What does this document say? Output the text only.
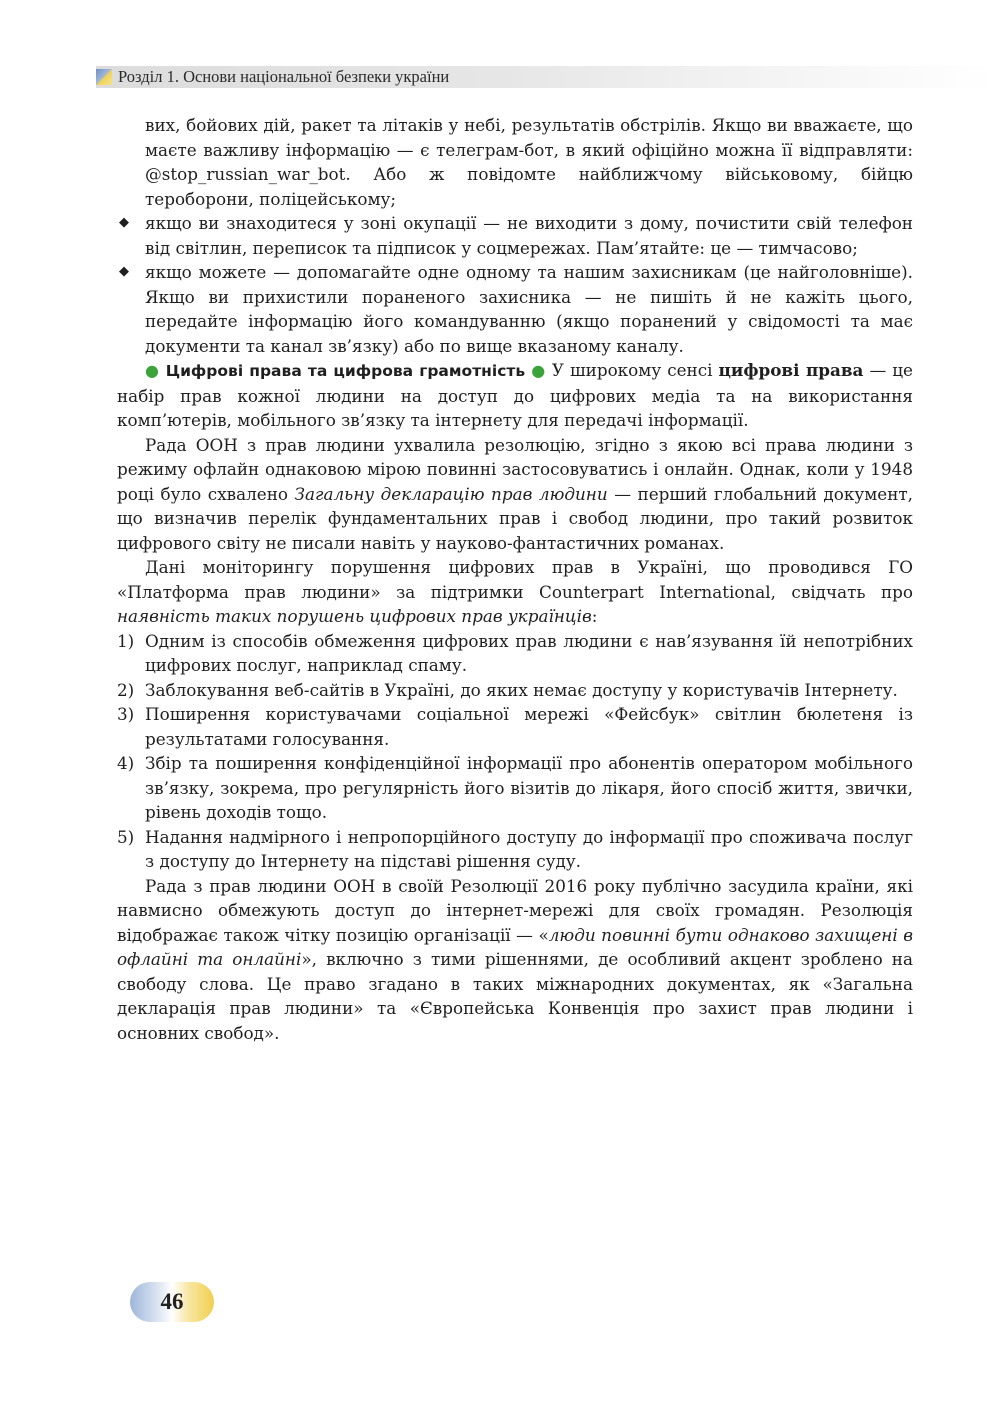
Розділ 1. Основи національної безпеки україни

вих, бойових дій, ракет та літаків у небі, результатів обстрілів. Якщо ви вважаєте, що маєте важливу інформацію — є телеграм-бот, в який офіційно можна її відправляти: @stop_russian_war_bot. Або ж повідомте найближчому військовому, бійцю тероборони, поліцейському;

◆ якщо ви знаходитеся у зоні окупації — не виходити з дому, почистити свій телефон від світлин, переписок та підписок у соцмережах. Пам’ятайте: це — тимчасово;

◆ якщо можете — допомагайте одне одному та нашим захисникам (це найголовніше). Якщо ви прихистили пораненого захисника — не пишіть й не кажіть цього, передайте інформацію його командуванню (якщо поранений у свідомості та має документи та канал зв’язку) або по вище вказаному каналу.

● Цифрові права та цифрова грамотність ● У широкому сенсі цифрові права — це набір прав кожної людини на доступ до цифрових медіа та на використання комп’ютерів, мобільного зв’язку та інтернету для передачі інформації.

Рада ООН з прав людини ухвалила резолюцію, згідно з якою всі права людини з режиму офлайн однаковою мірою повинні застосовуватись і онлайн. Однак, коли у 1948 році було схвалено Загальну декларацію прав людини — перший глобальний документ, що визначив перелік фундаментальних прав і свобод людини, про такий розвиток цифрового світу не писали навіть у науково-фантастичних романах.

Дані моніторингу порушення цифрових прав в Україні, що проводився ГО «Платформа прав людини» за підтримки Counterpart International, свідчать про наявність таких порушень цифрових прав українців:

1) Одним із способів обмеження цифрових прав людини є нав’язування їй непотрібних цифрових послуг, наприклад спаму.

2) Заблокування веб-сайтів в Україні, до яких немає доступу у користувачів Інтернету.

3) Поширення користувачами соціальної мережі «Фейсбук» світлин бюлетеня із результатами голосування.

4) Збір та поширення конфіденційної інформації про абонентів оператором мобільного зв’язку, зокрема, про регулярність його візитів до лікаря, його спосіб життя, звички, рівень доходів тощо.

5) Надання надмірного і непропорційного доступу до інформації про споживача послуг з доступу до Інтернету на підставі рішення суду.

Рада з прав людини ООН в своїй Резолюції 2016 року публічно засудила країни, які навмисно обмежують доступ до інтернет-мережі для своїх громадян. Резолюція відображає також чітку позицію організації — «люди повинні бути однаково захищені в офлайні та онлайні», включно з тими рішеннями, де особливий акцент зроблено на свободу слова. Це право згадано в таких міжнародних документах, як «Загальна декларація прав людини» та «Європейська Конвенція про захист прав людини і основних свобод».

46
